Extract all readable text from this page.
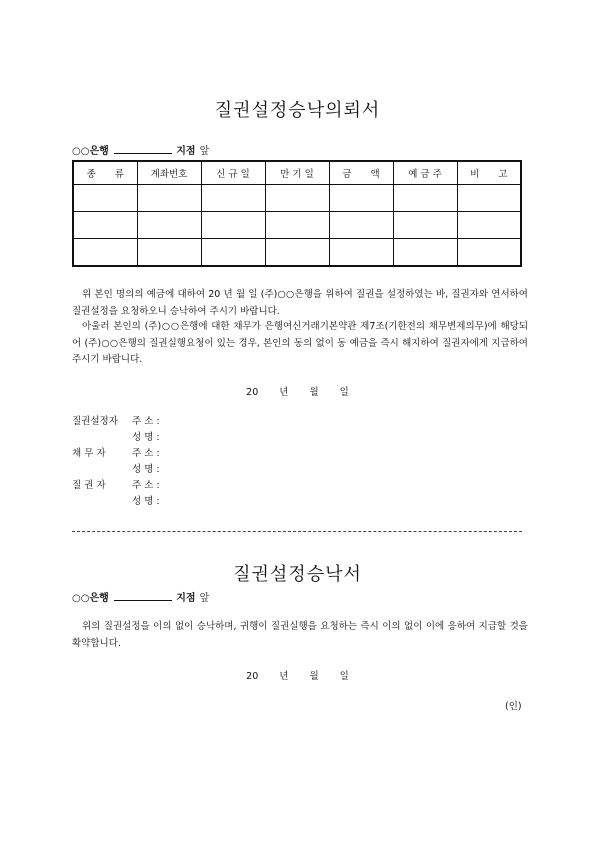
질권설정승낙의뢰서
○○은행	지점 앞
종　　류	계좌번호	신 규 일	만 기 일	금　　액	예 금 주	비　　고

위 본인 명의의 예금에 대하여 20 년 월 일 (주)○○은행을 위하여 질권을 설정하였는 바, 질권자와 연서하여 질권설정을 요청하오니 승낙하여 주시기 바랍니다.
아울러 본인의 (주)○○은행에 대한 채무가 은행여신거래기본약관 제7조(기한전의 채무변제의무)에 해당되어 (주)○○은행의 질권실행요청이 있는 경우, 본인의 동의 없이 동 예금을 즉시 해지하여 질권자에게 지급하여 주시기 바랍니다.
20 년 월 일
질권설정자	주 소 :
성 명 :
채 무 자	주 소 :
성 명 :
질 권 자	주 소 :
성 명 :
질권설정승낙서
○○은행	지점 앞
위의 질권설정을 이의 없이 승낙하며, 귀행이 질권실행을 요청하는 즉시 이의 없이 이에 응하여 지급할 것을 확약합니다.
20 년 월 일
(인)
